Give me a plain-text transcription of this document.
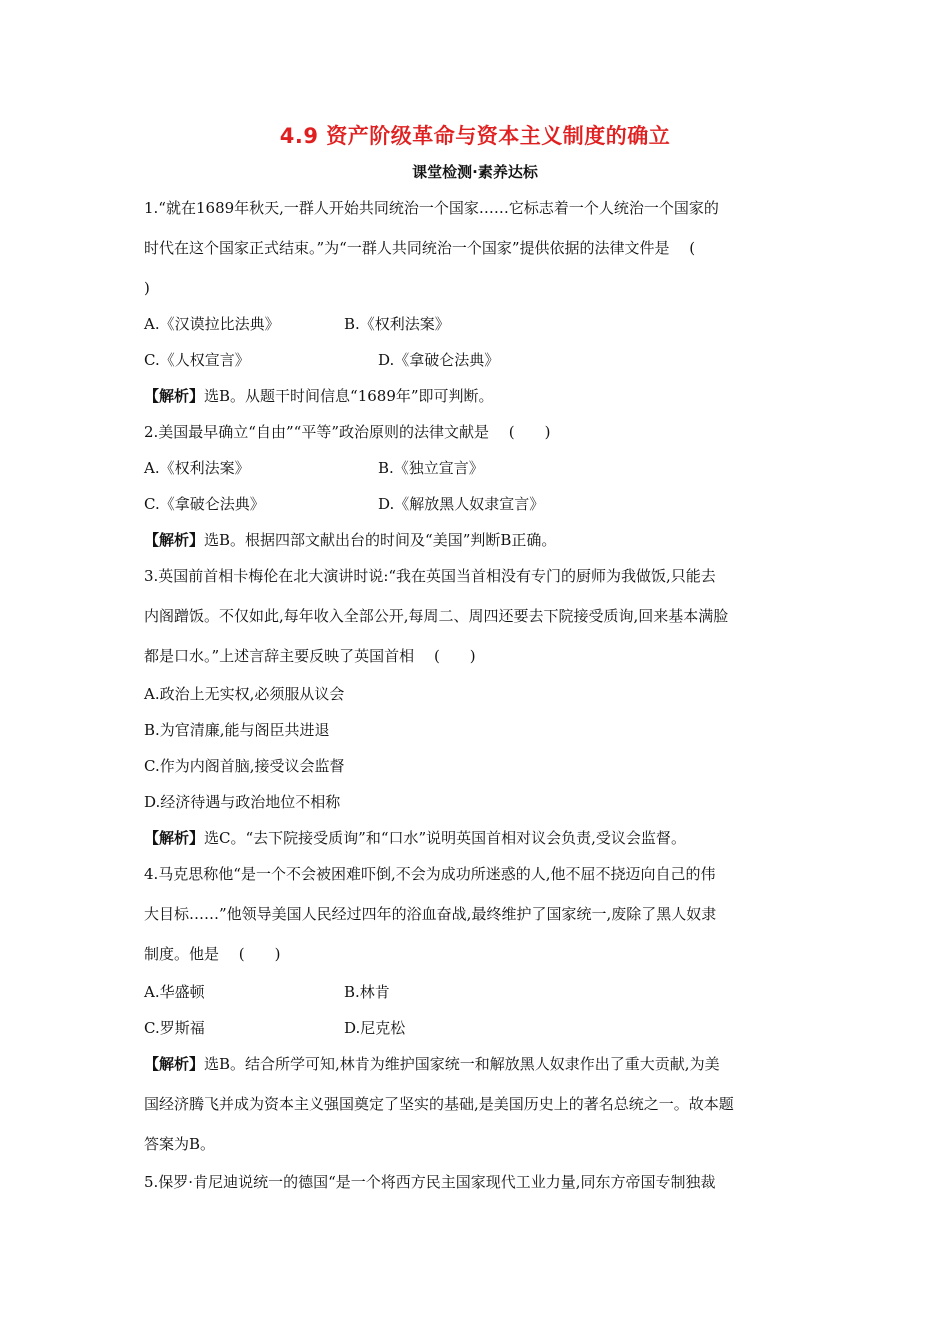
4.9 资产阶级革命与资本主义制度的确立
课堂检测·素养达标
1.“就在1689年秋天,一群人开始共同统治一个国家……它标志着一个人统治一个国家的
时代在这个国家正式结束。”为“一群人共同统治一个国家”提供依据的法律文件是 　(
)
A.《汉谟拉比法典》	B.《权利法案》
C.《人权宣言》	D.《拿破仑法典》
【解析】选B。从题干时间信息“1689年”即可判断。
2.美国最早确立“自由”“平等”政治原则的法律文献是 　(　　)
A.《权利法案》	B.《独立宣言》
C.《拿破仑法典》	D.《解放黑人奴隶宣言》
【解析】选B。根据四部文献出台的时间及“美国”判断B正确。
3.英国前首相卡梅伦在北大演讲时说:“我在英国当首相没有专门的厨师为我做饭,只能去
内阁蹭饭。不仅如此,每年收入全部公开,每周二、周四还要去下院接受质询,回来基本满脸
都是口水。”上述言辞主要反映了英国首相 　(　　)
A.政治上无实权,必须服从议会
B.为官清廉,能与阁臣共进退
C.作为内阁首脑,接受议会监督
D.经济待遇与政治地位不相称
【解析】选C。“去下院接受质询”和“口水”说明英国首相对议会负责,受议会监督。
4.马克思称他“是一个不会被困难吓倒,不会为成功所迷惑的人,他不屈不挠迈向自己的伟
大目标……”他领导美国人民经过四年的浴血奋战,最终维护了国家统一,废除了黑人奴隶
制度。他是 　(　　)
A.华盛顿	B.林肯
C.罗斯福	D.尼克松
【解析】选B。结合所学可知,林肯为维护国家统一和解放黑人奴隶作出了重大贡献,为美
国经济腾飞并成为资本主义强国奠定了坚实的基础,是美国历史上的著名总统之一。故本题
答案为B。
5.保罗·肯尼迪说统一的德国“是一个将西方民主国家现代工业力量,同东方帝国专制独裁
